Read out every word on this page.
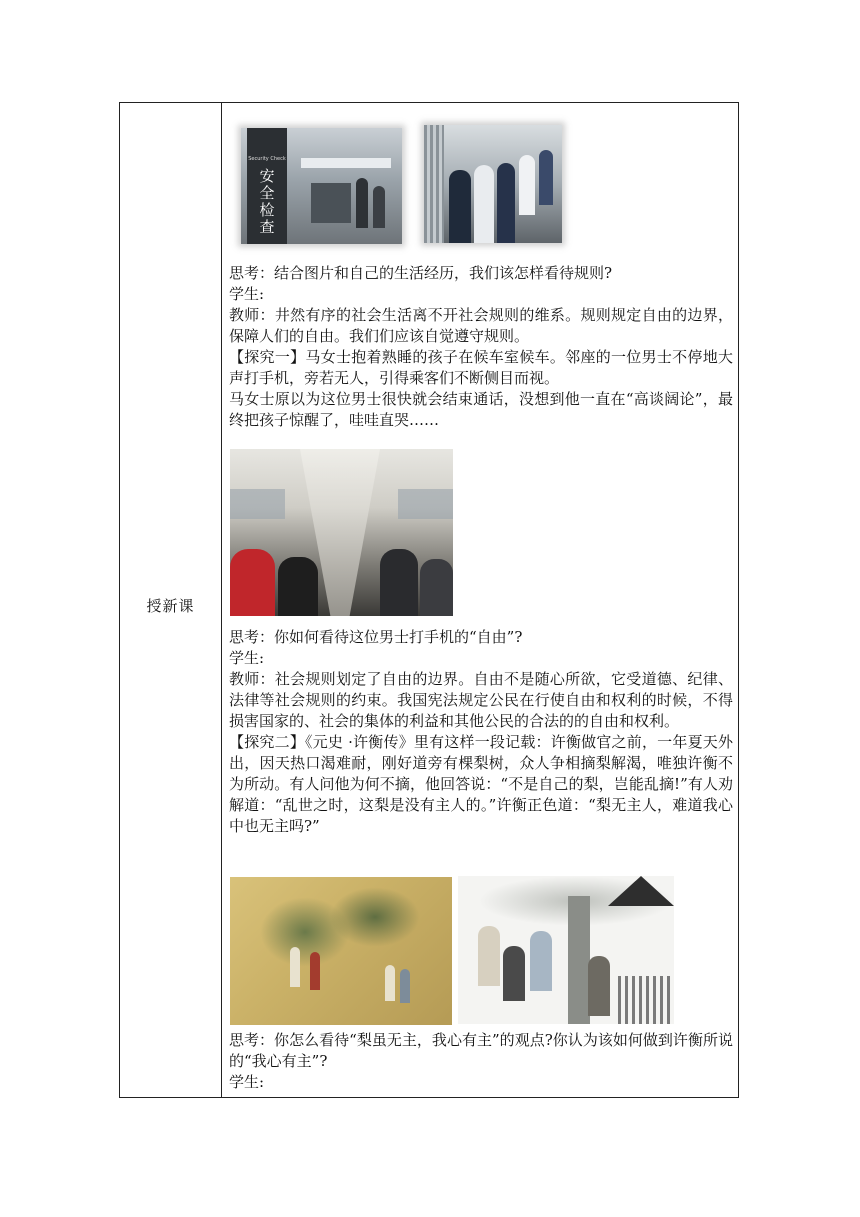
授新课
Security Check
安
全
检
查

思考：结合图片和自己的生活经历，我们该怎样看待规则?

学生:

教师：井然有序的社会生活离不开社会规则的维系。规则规定自由的边界，保障人们的自由。我们们应该自觉遵守规则。

【探究一】马女士抱着熟睡的孩子在候车室候车。邻座的一位男士不停地大声打手机，旁若无人，引得乘客们不断侧目而视。

马女士原以为这位男士很快就会结束通话，没想到他一直在“高谈阔论”，最终把孩子惊醒了，哇哇直哭……

思考：你如何看待这位男士打手机的“自由”?

学生:

教师：社会规则划定了自由的边界。自由不是随心所欲，它受道德、纪律、法律等社会规则的约束。我国宪法规定公民在行使自由和权利的时候，不得损害国家的、社会的集体的利益和其他公民的合法的的自由和权利。

【探究二】《元史 ·许衡传》里有这样一段记载：许衡做官之前，一年夏天外出，因天热口渴难耐，刚好道旁有棵梨树，众人争相摘梨解渴，唯独许衡不为所动。有人问他为何不摘，他回答说：“不是自己的梨，岂能乱摘!”有人劝解道：“乱世之时，这梨是没有主人的。”许衡正色道：“梨无主人，难道我心中也无主吗?”

思考：你怎么看待“梨虽无主，我心有主”的观点?你认为该如何做到许衡所说的“我心有主”?

学生:
